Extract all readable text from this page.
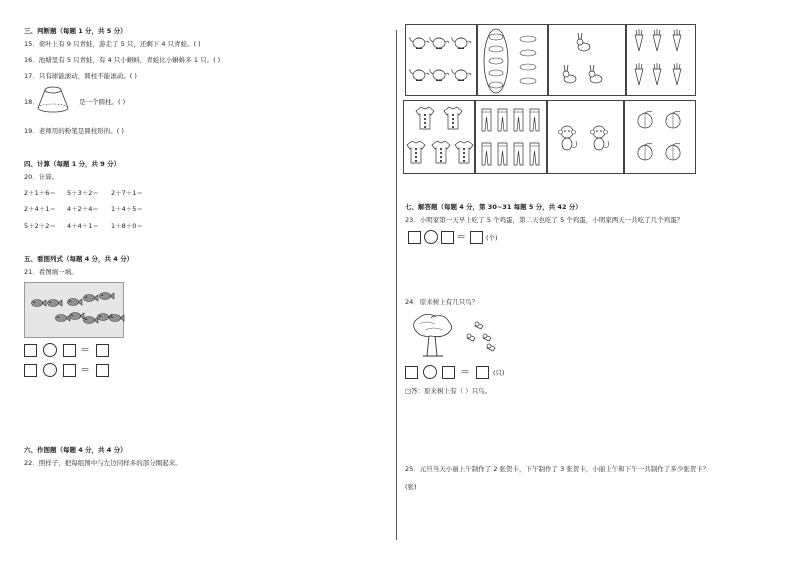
三、判断题（每题 1 分，共 5 分）
15．荷叶上有 9 只青蛙，游走了 5 只，还剩下 4 只青蛙。( )
16．池塘里有 5 只青蛙，有 4 只小蝌蚪，青蛙比小蝌蚪多 1 只。( )
17．只有球能滚动，圆柱不能滚动。( )
18．	是一个圆柱。( )
19．老师用的粉笔是圆柱形的。( )
四、计算（每题 1 分，共 9 分）
20．计算。
2＋1＋6＝ 5＋3＋2＝ 2＋7＋1＝
2＋4＋1＝ 4＋2＋4＝ 1＋4＋5＝
5＋2＋2＝ 4＋4＋1＝ 1＋8＋0＝
五、看图列式（每题 4 分，共 4 分）
21．看图填一填。
＝
＝
六、作图题（每题 4 分，共 4 分）
22．照样子，把每组图中与左边同样多的部分圈起来。
七、解答题（每题 4 分，第 30~31 每题 5 分，共 42 分）
23．小明家第一天早上吃了 5 个鸡蛋，第二天也吃了 5 个鸡蛋，小明家两天一共吃了几个鸡蛋？
＝	(个)
24．原来树上有几只鸟？
＝	(只)
□答：原来树上有（ ）只鸟。
25．元旦当天小丽上午制作了 2 张贺卡，下午制作了 3 张贺卡，小丽上午和下午一共制作了多少张贺卡？
(张)
